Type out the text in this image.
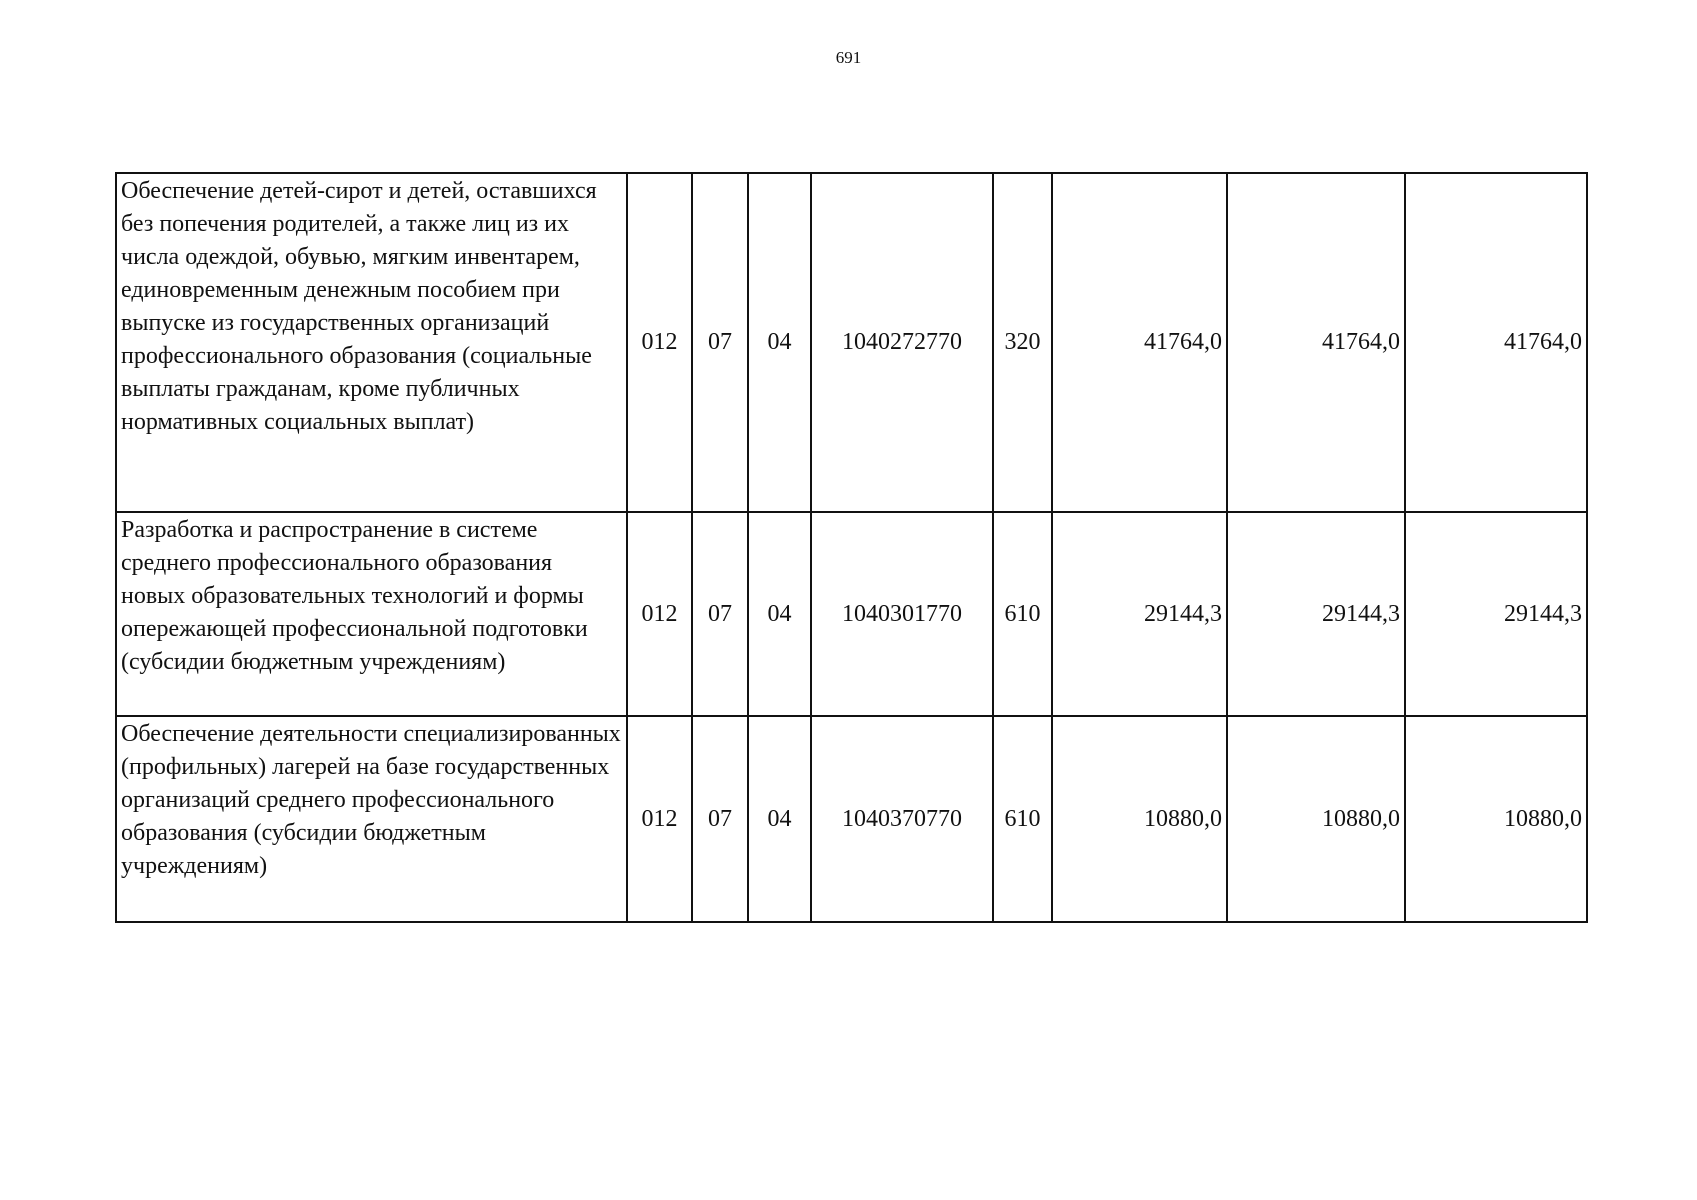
691
Обеспечение детей-сирот и детей, оставшихся без попечения родителей, а также лиц из их числа одеждой, обувью, мягким инвентарем, единовременным денежным пособием при выпуске из государственных организаций профессионального образования (социальные выплаты гражданам, кроме публичных нормативных социальных выплат)	012	07	04	1040272770	320	41764,0	41764,0	41764,0
Разработка и распространение в системе среднего профессионального образования новых образовательных технологий и формы опережающей профессиональной подготовки (субсидии бюджетным учреждениям)	012	07	04	1040301770	610	29144,3	29144,3	29144,3
Обеспечение деятельности специализированных (профильных) лагерей на базе государственных организаций среднего профессионального образования (субсидии бюджетным учреждениям)	012	07	04	1040370770	610	10880,0	10880,0	10880,0
